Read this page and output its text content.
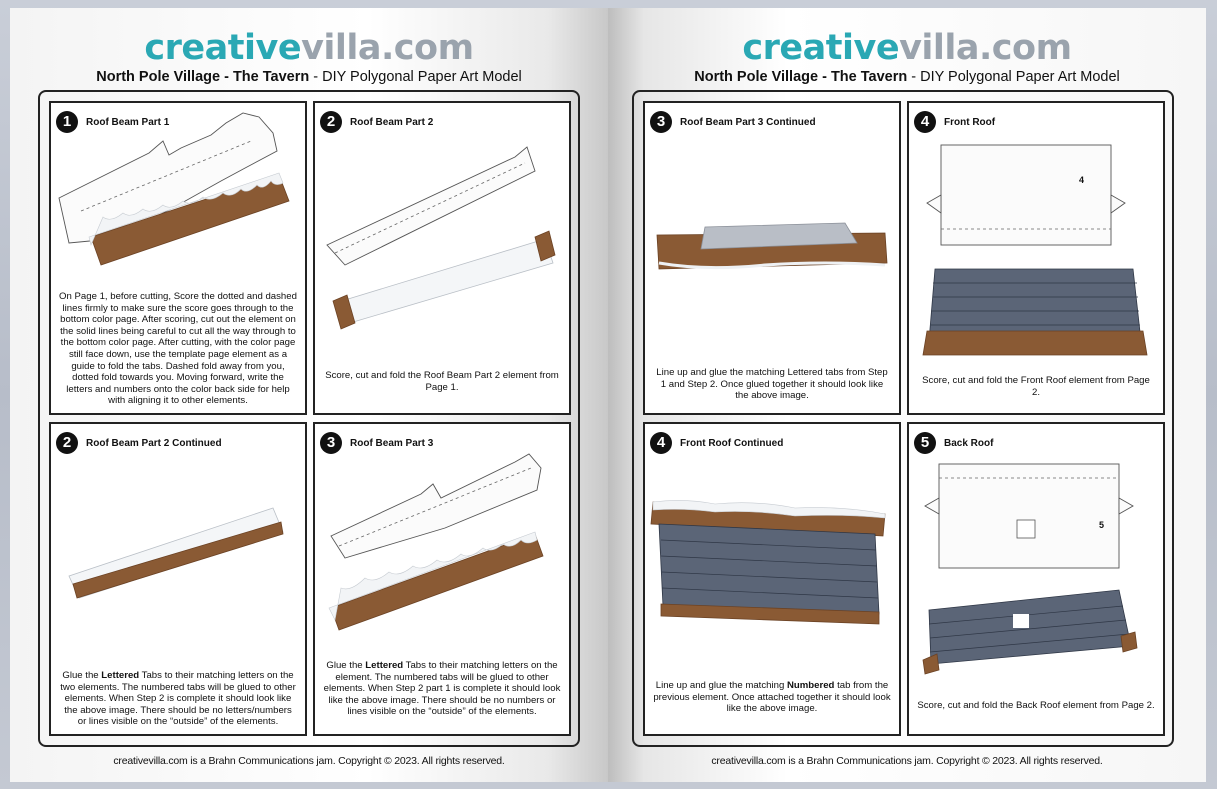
creativevilla.com
North Pole Village - The Tavern - DIY Polygonal Paper Art Model
1	Roof Beam Part 1
On Page 1, before cutting, Score the dotted and dashed lines firmly to make sure the score goes through to the bottom color page. After scoring, cut out the element on the solid lines being careful to cut all the way through to the bottom color page. After cutting, with the color page still face down, use the template page element as a guide to fold the tabs. Dashed fold away from you, dotted fold towards you. Moving forward, write the letters and numbers onto the color back side for help with aligning it to other elements.
2	Roof Beam Part 2
Score, cut and fold the Roof Beam Part 2 element from Page 1.
2	Roof Beam Part 2 Continued
Glue the Lettered Tabs to their matching letters on the two elements. The numbered tabs will be glued to other elements. When Step 2 is complete it should look like the above image. There should be no letters/numbers or lines visible on the “outside” of the elements.
3	Roof Beam Part 3
Glue the Lettered Tabs to their matching letters on the element. The numbered tabs will be glued to other elements. When Step 2 part 1 is complete it should look like the above image. There should be no numbers or lines visible on the “outside” of the elements.
creativevilla.com is a Brahn Communications jam. Copyright © 2023. All rights reserved.
creativevilla.com
North Pole Village - The Tavern - DIY Polygonal Paper Art Model
3	Roof Beam Part 3 Continued
Line up and glue the matching Lettered tabs from Step 1 and Step 2. Once glued together it should look like the above image.
4	Front Roof
4
Score, cut and fold the Front Roof element from Page 2.
4	Front Roof Continued
Line up and glue the matching Numbered tab from the previous element. Once attached together it should look like the above image.
5	Back Roof
5
Score, cut and fold the Back Roof element from Page 2.
creativevilla.com is a Brahn Communications jam. Copyright © 2023. All rights reserved.
